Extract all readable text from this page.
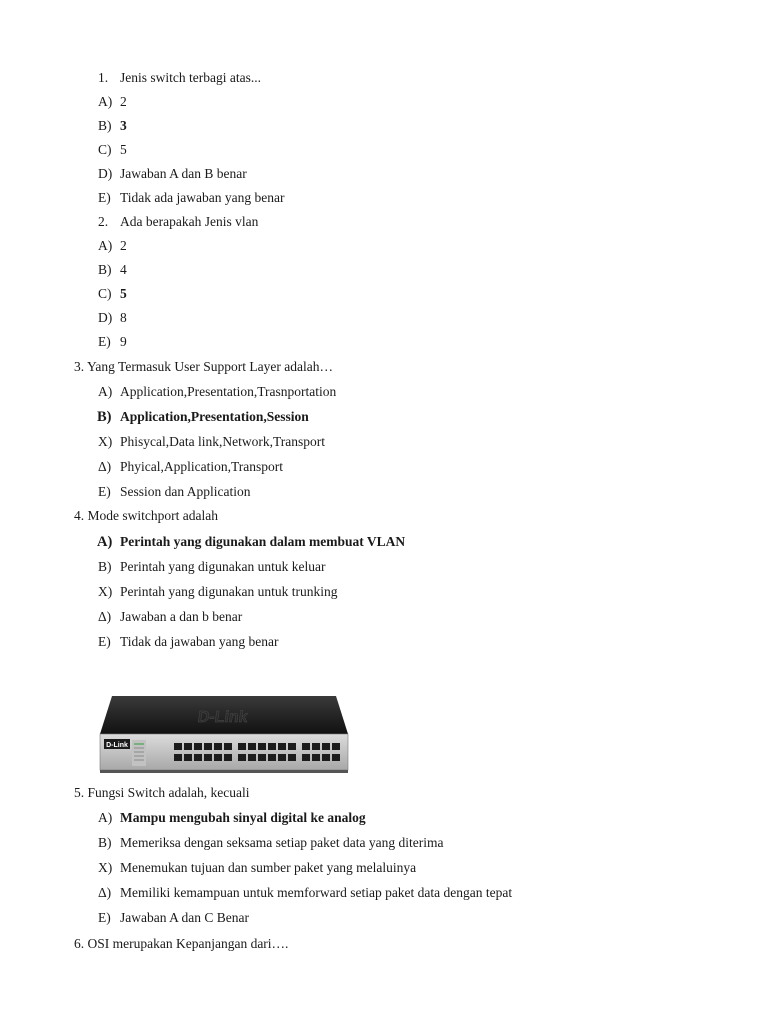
1. Jenis switch terbagi atas...
A) 2
B) 3
C) 5
D) Jawaban A dan B benar
E) Tidak ada jawaban yang benar
2. Ada berapakah Jenis vlan
A) 2
B) 4
C) 5
D) 8
E) 9
3. Yang Termasuk User Support Layer adalah…
A) Application,Presentation,Trasnportation
B) Application,Presentation,Session
X) Phisycal,Data link,Network,Transport
Δ) Phyical,Application,Transport
E) Session dan Application
4. Mode switchport adalah
A) Perintah yang digunakan dalam membuat VLAN
B) Perintah yang digunakan untuk keluar
X) Perintah yang digunakan untuk trunking
Δ) Jawaban a dan b benar
E) Tidak da jawaban yang benar
D-Link
D-Link
5. Fungsi Switch adalah, kecuali
A) Mampu mengubah sinyal digital ke analog
B) Memeriksa dengan seksama setiap paket data yang diterima
X) Menemukan tujuan dan sumber paket yang melaluinya
Δ) Memiliki kemampuan untuk memforward setiap paket data dengan tepat
E) Jawaban A dan C Benar
6. OSI merupakan Kepanjangan dari….
